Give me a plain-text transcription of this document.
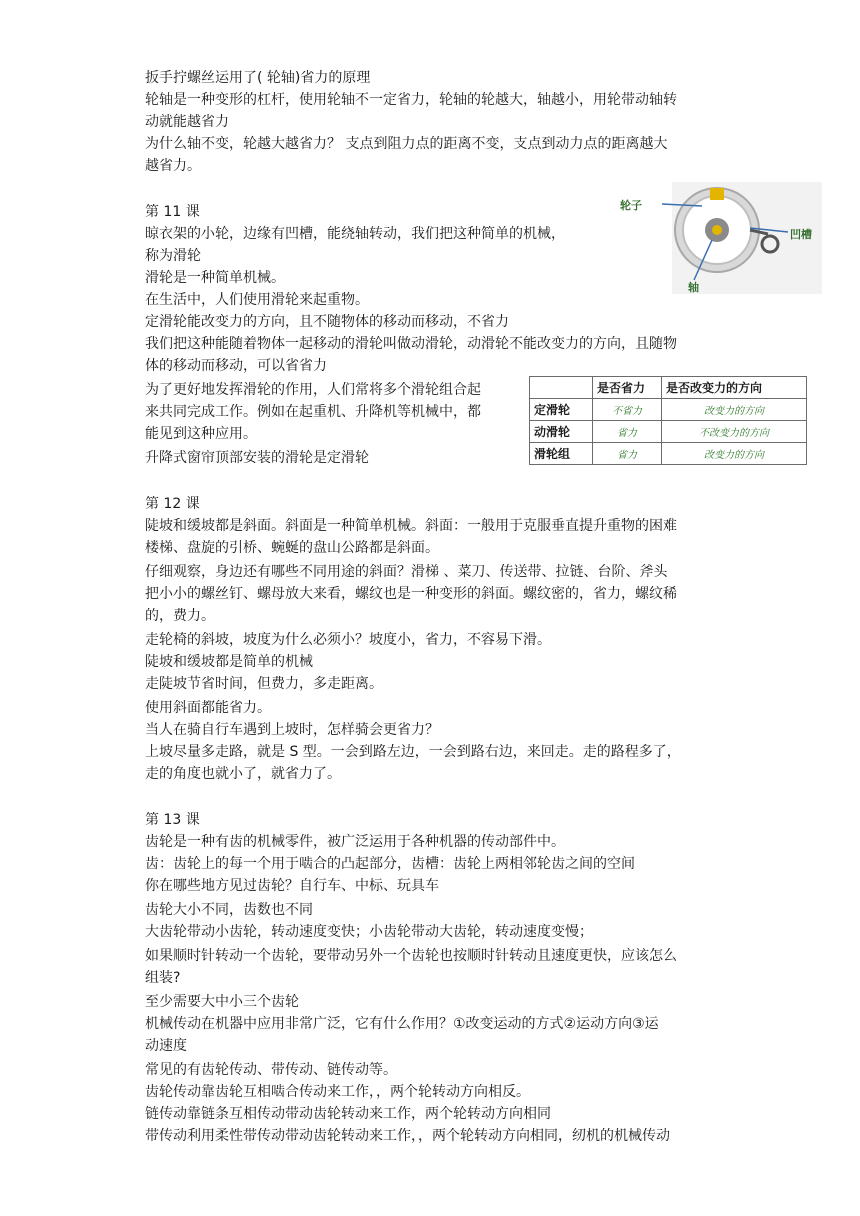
扳手拧螺丝运用了( 轮轴)省力的原理
轮轴是一种变形的杠杆，使用轮轴不一定省力，轮轴的轮越大，轴越小，用轮带动轴转
动就能越省力
为什么轴不变，轮越大越省力？ 支点到阻力点的距离不变，支点到动力点的距离越大
越省力。
第 11 课
晾衣架的小轮，边缘有凹槽，能绕轴转动，我们把这种简单的机械，
称为滑轮
滑轮是一种简单机械。
在生活中，人们使用滑轮来起重物。
定滑轮能改变力的方向，且不随物体的移动而移动，不省力
我们把这种能随着物体一起移动的滑轮叫做动滑轮，动滑轮不能改变力的方向，且随物
体的移动而移动，可以省省力
为了更好地发挥滑轮的作用，人们常将多个滑轮组合起
来共同完成工作。例如在起重机、升降机等机械中，都
能见到这种应用。
升降式窗帘顶部安装的滑轮是定滑轮
第 12 课
陡坡和缓坡都是斜面。斜面是一种简单机械。斜面：一般用于克服垂直提升重物的困难
楼梯、盘旋的引桥、蜿蜒的盘山公路都是斜面。
仔细观察，身边还有哪些不同用途的斜面？滑梯 、菜刀、传送带、拉链、台阶、斧头
把小小的螺丝钉、螺母放大来看，螺纹也是一种变形的斜面。螺纹密的，省力，螺纹稀
的，费力。
走轮椅的斜坡，坡度为什么必须小？坡度小，省力，不容易下滑。
陡坡和缓坡都是简单的机械
走陡坡节省时间，但费力，多走距离。
使用斜面都能省力。
当人在骑自行车遇到上坡时，怎样骑会更省力？
上坡尽量多走路，就是 S 型。一会到路左边，一会到路右边，来回走。走的路程多了，
走的角度也就小了，就省力了。
第 13 课
齿轮是一种有齿的机械零件，被广泛运用于各种机器的传动部件中。
齿：齿轮上的每一个用于啮合的凸起部分，齿槽：齿轮上两相邻轮齿之间的空间
你在哪些地方见过齿轮？自行车、中标、玩具车
齿轮大小不同，齿数也不同
大齿轮带动小齿轮，转动速度变快；小齿轮带动大齿轮，转动速度变慢；
如果顺时针转动一个齿轮，要带动另外一个齿轮也按顺时针转动且速度更快，应该怎么
组装?
至少需要大中小三个齿轮
机械传动在机器中应用非常广泛，它有什么作用？①改变运动的方式②运动方向③运
动速度
常见的有齿轮传动、带传动、链传动等。
齿轮传动靠齿轮互相啮合传动来工作，，两个轮转动方向相反。
链传动靠链条互相传动带动齿轮转动来工作，两个轮转动方向相同
带传动利用柔性带传动带动齿轮转动来工作，，两个轮转动方向相同，纫机的机械传动
轮子
凹槽
轴
	是否省力	是否改变力的方向
定滑轮	不省力	改变力的方向
动滑轮	省力	不改变力的方向
滑轮组	省力	改变力的方向
